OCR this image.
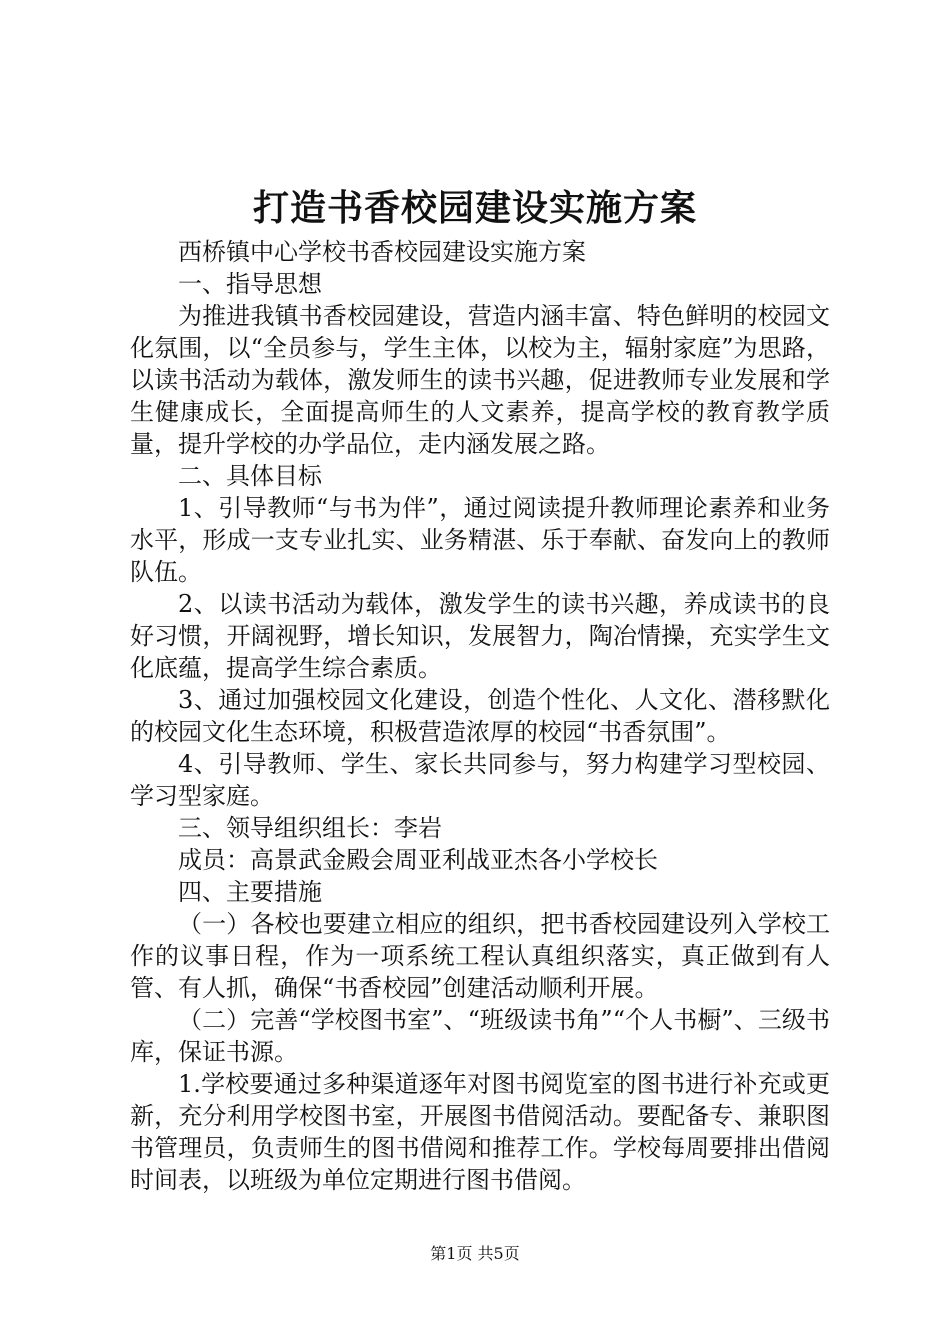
打造书香校园建设实施方案

西桥镇中心学校书香校园建设实施方案

一、指导思想

为推进我镇书香校园建设，营造内涵丰富、特色鲜明的校园文化氛围，以“全员参与，学生主体，以校为主，辐射家庭”为思路，以读书活动为载体，激发师生的读书兴趣，促进教师专业发展和学生健康成长，全面提高师生的人文素养，提高学校的教育教学质量，提升学校的办学品位，走内涵发展之路。

二、具体目标

1、引导教师“与书为伴”，通过阅读提升教师理论素养和业务水平，形成一支专业扎实、业务精湛、乐于奉献、奋发向上的教师队伍。

2、以读书活动为载体，激发学生的读书兴趣，养成读书的良好习惯，开阔视野，增长知识，发展智力，陶冶情操，充实学生文化底蕴，提高学生综合素质。

3、通过加强校园文化建设，创造个性化、人文化、潜移默化的校园文化生态环境，积极营造浓厚的校园“书香氛围”。

4、引导教师、学生、家长共同参与，努力构建学习型校园、学习型家庭。

三、领导组织组长：李岩

成员：高景武金殿会周亚利战亚杰各小学校长

四、主要措施

（一）各校也要建立相应的组织，把书香校园建设列入学校工作的议事日程，作为一项系统工程认真组织落实，真正做到有人管、有人抓，确保“书香校园”创建活动顺利开展。

（二）完善“学校图书室”、“班级读书角”“个人书橱”、三级书库，保证书源。

1.学校要通过多种渠道逐年对图书阅览室的图书进行补充或更新，充分利用学校图书室，开展图书借阅活动。要配备专、兼职图书管理员，负责师生的图书借阅和推荐工作。学校每周要排出借阅时间表，以班级为单位定期进行图书借阅。

第1页 共5页
